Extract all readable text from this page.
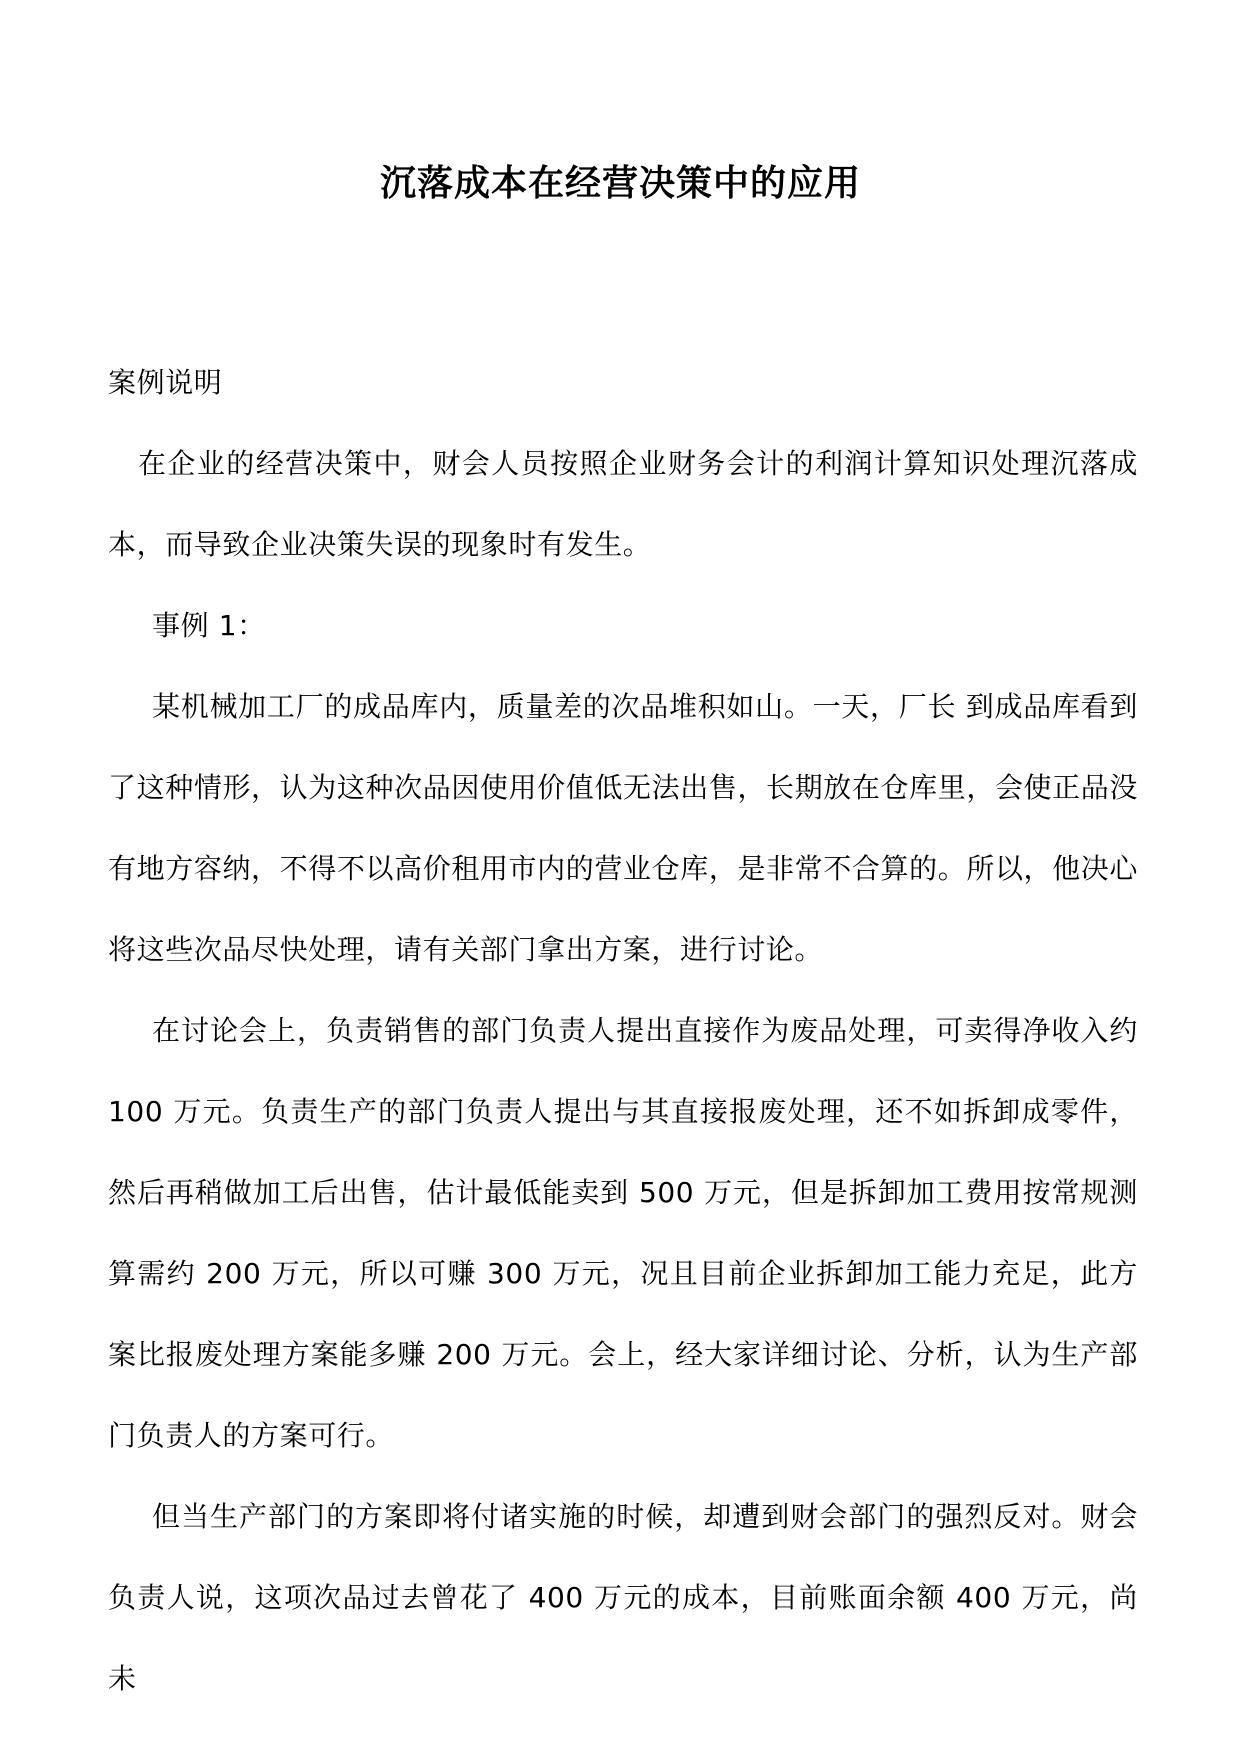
沉落成本在经营决策中的应用

案例说明

在企业的经营决策中，财会人员按照企业财务会计的利润计算知识处理沉落成本，而导致企业决策失误的现象时有发生。

事例 1：

某机械加工厂的成品库内，质量差的次品堆积如山。一天，厂长 到成品库看到了这种情形，认为这种次品因使用价值低无法出售，长期放在仓库里，会使正品没有地方容纳，不得不以高价租用市内的营业仓库，是非常不合算的。所以，他决心将这些次品尽快处理，请有关部门拿出方案，进行讨论。

在讨论会上，负责销售的部门负责人提出直接作为废品处理，可卖得净收入约 100 万元。负责生产的部门负责人提出与其直接报废处理，还不如拆卸成零件，然后再稍做加工后出售，估计最低能卖到 500 万元，但是拆卸加工费用按常规测算需约 200 万元，所以可赚 300 万元，况且目前企业拆卸加工能力充足，此方案比报废处理方案能多赚 200 万元。会上，经大家详细讨论、分析，认为生产部门负责人的方案可行。

但当生产部门的方案即将付诸实施的时候，却遭到财会部门的强烈反对。财会负责人说，这项次品过去曾花了 400 万元的成本，目前账面余额 400 万元，尚未
